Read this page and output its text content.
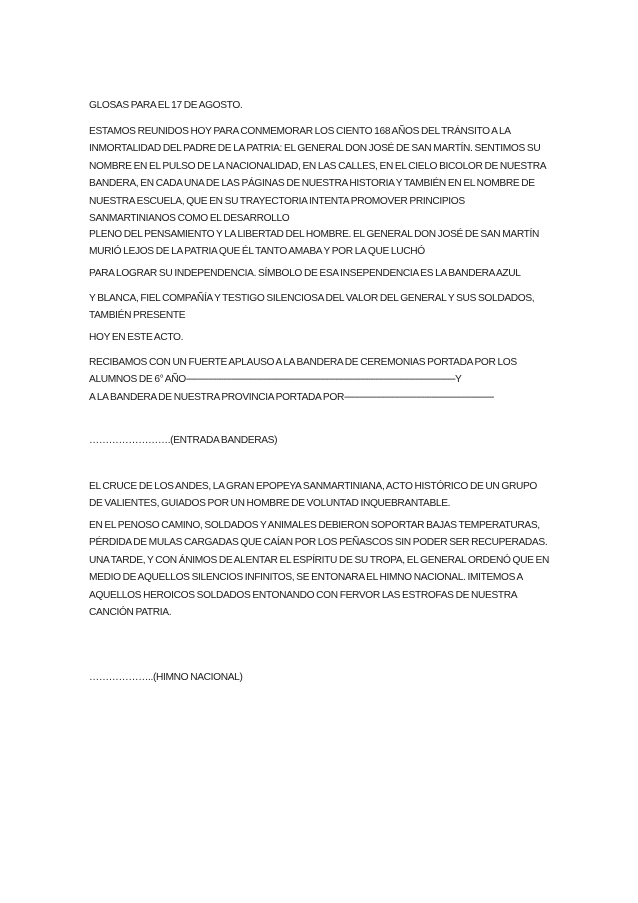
GLOSAS PARA EL 17 DE AGOSTO.

ESTAMOS REUNIDOS HOY PARA CONMEMORAR LOS CIENTO 168 AÑOS DEL TRÁNSITO A LA INMORTALIDAD DEL PADRE DE LA PATRIA: EL GENERAL DON JOSÉ DE SAN MARTÍN. SENTIMOS SU NOMBRE EN EL PULSO DE LA NACIONALIDAD, EN LAS CALLES, EN EL CIELO BICOLOR DE NUESTRA BANDERA, EN CADA UNA DE LAS PÁGINAS DE NUESTRA HISTORIA Y TAMBIÉN EN EL NOMBRE DE NUESTRA ESCUELA, QUE EN SU TRAYECTORIA INTENTA PROMOVER PRINCIPIOS SANMARTINIANOS COMO EL DESARROLLO

PLENO DEL PENSAMIENTO Y LA LIBERTAD DEL HOMBRE. EL GENERAL DON JOSÉ DE SAN MARTÍN MURIÓ LEJOS DE LA PATRIA QUE ÉL TANTO AMABA Y POR LA QUE LUCHÓ

PARA LOGRAR SU INDEPENDENCIA. SÍMBOLO DE ESA INSEPENDENCIA ES LA BANDERA AZUL

Y BLANCA, FIEL COMPAÑÍA Y TESTIGO SILENCIOSA DEL VALOR DEL GENERAL Y SUS SOLDADOS, TAMBIÉN PRESENTE

HOY EN ESTE ACTO.

RECIBAMOS CON UN FUERTE APLAUSO A LA BANDERA DE CEREMONIAS PORTADA POR LOS
ALUMNOS DE 6° AÑO------------------------------------------------------------------------------------------------------------Y
A LA BANDERA DE NUESTRA PROVINCIA PORTADA POR------------------------------------------------------------

…………………….(ENTRADA BANDERAS)

EL CRUCE DE LOS ANDES, LA GRAN EPOPEYA SANMARTINIANA, ACTO HISTÓRICO DE UN GRUPO DE VALIENTES, GUIADOS POR UN HOMBRE DE VOLUNTAD INQUEBRANTABLE.

EN EL PENOSO CAMINO, SOLDADOS Y ANIMALES DEBIERON SOPORTAR BAJAS TEMPERATURAS, PÉRDIDA DE MULAS CARGADAS QUE CAÍAN POR LOS PEÑASCOS SIN PODER SER RECUPERADAS. UNA TARDE, Y CON ÁNIMOS DE ALENTAR EL ESPÍRITU DE SU TROPA, EL GENERAL ORDENÓ QUE EN MEDIO DE AQUELLOS SILENCIOS INFINITOS, SE ENTONARA EL HIMNO NACIONAL. IMITEMOS A AQUELLOS HEROICOS SOLDADOS ENTONANDO CON FERVOR LAS ESTROFAS DE NUESTRA CANCIÓN PATRIA.

………………..(HIMNO NACIONAL)
